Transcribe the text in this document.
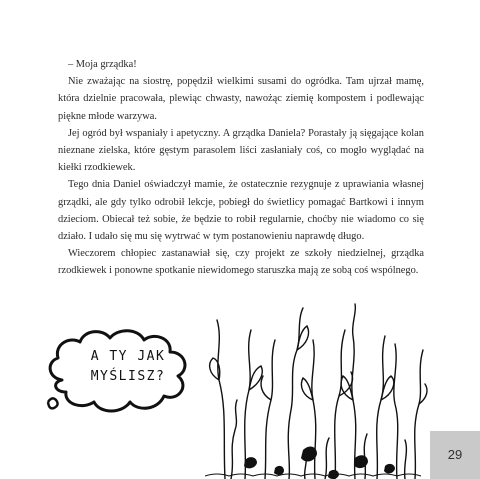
– Moja grządka!

Nie zważając na siostrę, popędził wielkimi susami do ogródka. Tam ujrzał mamę, która dzielnie pracowała, plewiąc chwasty, nawożąc ziemię kompostem i podlewając piękne młode warzywa.

Jej ogród był wspaniały i apetyczny. A grządka Daniela? Porastały ją sięgające kolan nieznane zielska, które gęstym parasolem liści zasłaniały coś, co mogło wyglądać na kiełki rzodkiewek.

Tego dnia Daniel oświadczył mamie, że ostatecznie rezygnuje z uprawiania własnej grządki, ale gdy tylko odrobił lekcje, pobiegł do świetlicy pomagać Bartkowi i innym dzieciom. Obiecał też sobie, że będzie to robił regularnie, choćby nie wiadomo co się działo. I udało się mu się wytrwać w tym postanowieniu naprawdę długo.

Wieczorem chłopiec zastanawiał się, czy projekt ze szkoły niedzielnej, grządka rzodkiewek i ponowne spotkanie niewidomego staruszka mają ze sobą coś wspólnego.

A TY JAK
MYŚLISZ?
29
